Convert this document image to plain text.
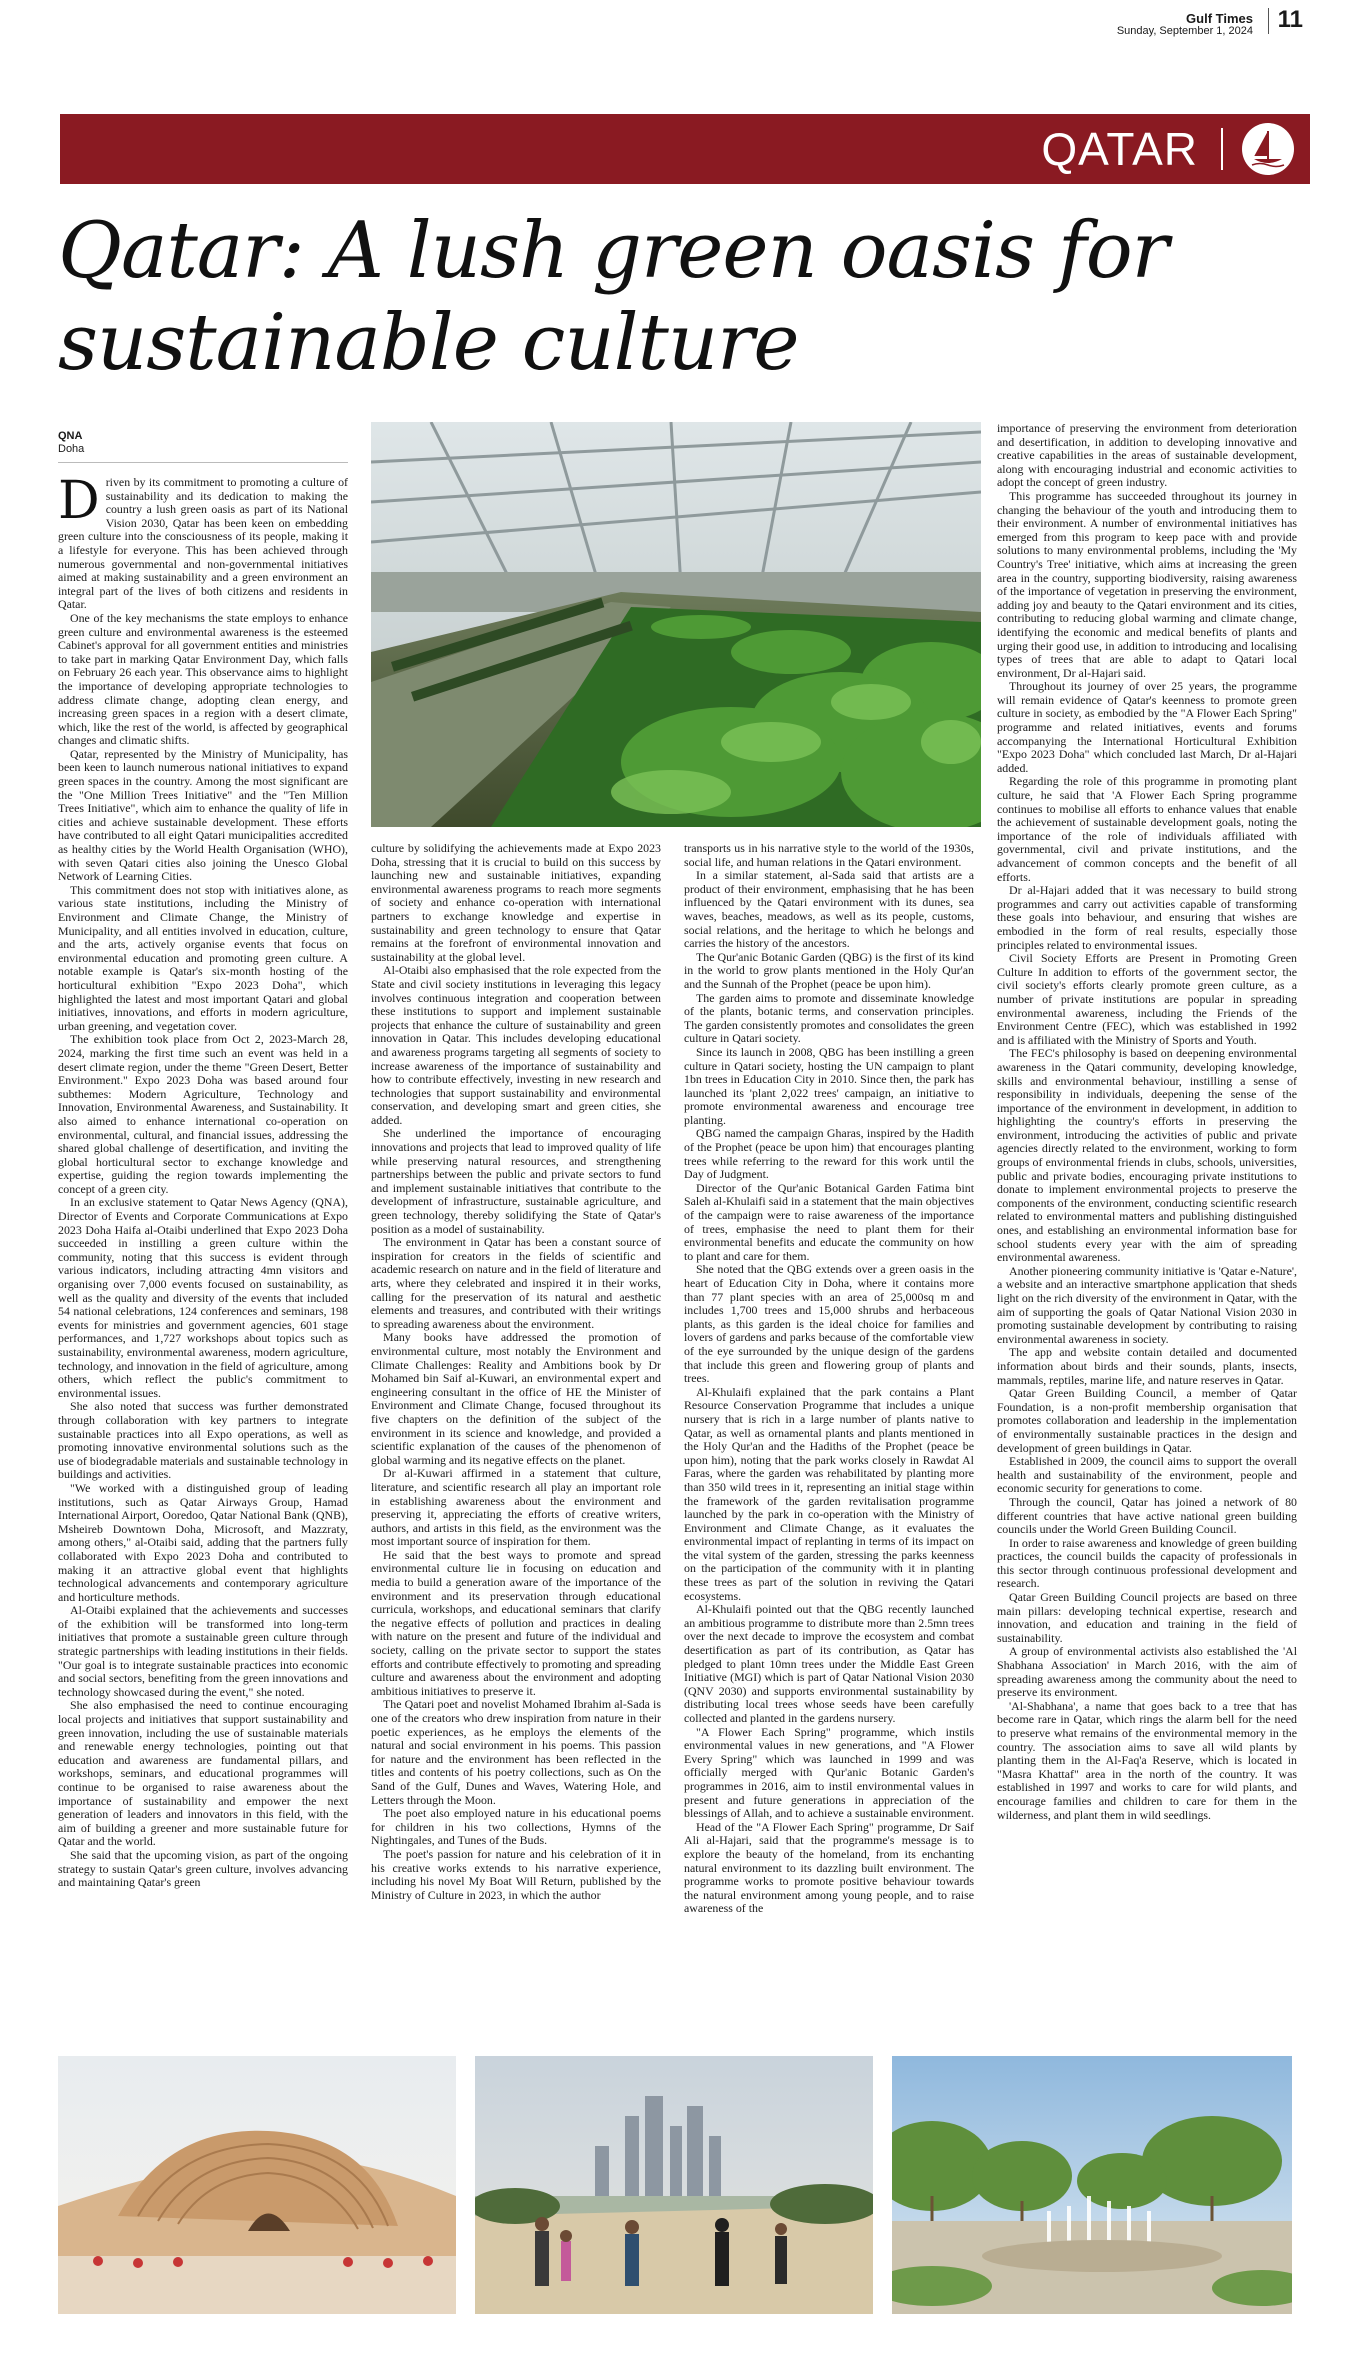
Gulf Times
Sunday, September 1, 2024 11
QATAR
Qatar: A lush green oasis for sustainable culture
QNA
Doha

Driven by its commitment to promoting a culture of sustainability and its dedication to making the country a lush green oasis as part of its National Vision 2030, Qatar has been keen on embedding green culture into the consciousness of its people, making it a lifestyle for everyone. This has been achieved through numerous governmental and non-governmental initiatives aimed at making sustainability and a green environment an integral part of the lives of both citizens and residents in Qatar.

One of the key mechanisms the state employs to enhance green culture and environmental awareness is the esteemed Cabinet's approval for all government entities and ministries to take part in marking Qatar Environment Day, which falls on February 26 each year. This observance aims to highlight the importance of developing appropriate technologies to address climate change, adopting clean energy, and increasing green spaces in a region with a desert climate, which, like the rest of the world, is affected by geographical changes and climatic shifts.

Qatar, represented by the Ministry of Municipality, has been keen to launch numerous national initiatives to expand green spaces in the country. Among the most significant are the "One Million Trees Initiative" and the "Ten Million Trees Initiative", which aim to enhance the quality of life in cities and achieve sustainable development. These efforts have contributed to all eight Qatari municipalities accredited as healthy cities by the World Health Organisation (WHO), with seven Qatari cities also joining the Unesco Global Network of Learning Cities.

This commitment does not stop with initiatives alone, as various state institutions, including the Ministry of Environment and Climate Change, the Ministry of Municipality, and all entities involved in education, culture, and the arts, actively organise events that focus on environmental education and promoting green culture. A notable example is Qatar's six-month hosting of the horticultural exhibition "Expo 2023 Doha", which highlighted the latest and most important Qatari and global initiatives, innovations, and efforts in modern agriculture, urban greening, and vegetation cover.

The exhibition took place from Oct 2, 2023-March 28, 2024, marking the first time such an event was held in a desert climate region, under the theme "Green Desert, Better Environment." Expo 2023 Doha was based around four subthemes: Modern Agriculture, Technology and Innovation, Environmental Awareness, and Sustainability. It also aimed to enhance international co-operation on environmental, cultural, and financial issues, addressing the shared global challenge of desertification, and inviting the global horticultural sector to exchange knowledge and expertise, guiding the region towards implementing the concept of a green city.

In an exclusive statement to Qatar News Agency (QNA), Director of Events and Corporate Communications at Expo 2023 Doha Haifa al-Otaibi underlined that Expo 2023 Doha succeeded in instilling a green culture within the community, noting that this success is evident through various indicators, including attracting 4mn visitors and organising over 7,000 events focused on sustainability, as well as the quality and diversity of the events that included 54 national celebrations, 124 conferences and seminars, 198 events for ministries and government agencies, 601 stage performances, and 1,727 workshops about topics such as sustainability, environmental awareness, modern agriculture, technology, and innovation in the field of agriculture, among others, which reflect the public's commitment to environmental issues.

She also noted that success was further demonstrated through collaboration with key partners to integrate sustainable practices into all Expo operations, as well as promoting innovative environmental solutions such as the use of biodegradable materials and sustainable technology in buildings and activities.

"We worked with a distinguished group of leading institutions, such as Qatar Airways Group, Hamad International Airport, Ooredoo, Qatar National Bank (QNB), Msheireb Downtown Doha, Microsoft, and Mazzraty, among others," al-Otaibi said, adding that the partners fully collaborated with Expo 2023 Doha and contributed to making it an attractive global event that highlights technological advancements and contemporary agriculture and horticulture methods.

Al-Otaibi explained that the achievements and successes of the exhibition will be transformed into long-term initiatives that promote a sustainable green culture through strategic partnerships with leading institutions in their fields. "Our goal is to integrate sustainable practices into economic and social sectors, benefiting from the green innovations and technology showcased during the event," she noted.

She also emphasised the need to continue encouraging local projects and initiatives that support sustainability and green innovation, including the use of sustainable materials and renewable energy technologies, pointing out that education and awareness are fundamental pillars, and workshops, seminars, and educational programmes will continue to be organised to raise awareness about the importance of sustainability and empower the next generation of leaders and innovators in this field, with the aim of building a greener and more sustainable future for Qatar and the world.

She said that the upcoming vision, as part of the ongoing strategy to sustain Qatar's green culture, involves advancing and maintaining Qatar's green

culture by solidifying the achievements made at Expo 2023 Doha, stressing that it is crucial to build on this success by launching new and sustainable initiatives, expanding environmental awareness programs to reach more segments of society and enhance co-operation with international partners to exchange knowledge and expertise in sustainability and green technology to ensure that Qatar remains at the forefront of environmental innovation and sustainability at the global level.

Al-Otaibi also emphasised that the role expected from the State and civil society institutions in leveraging this legacy involves continuous integration and cooperation between these institutions to support and implement sustainable projects that enhance the culture of sustainability and green innovation in Qatar. This includes developing educational and awareness programs targeting all segments of society to increase awareness of the importance of sustainability and how to contribute effectively, investing in new research and technologies that support sustainability and environmental conservation, and developing smart and green cities, she added.

She underlined the importance of encouraging innovations and projects that lead to improved quality of life while preserving natural resources, and strengthening partnerships between the public and private sectors to fund and implement sustainable initiatives that contribute to the development of infrastructure, sustainable agriculture, and green technology, thereby solidifying the State of Qatar's position as a model of sustainability.

The environment in Qatar has been a constant source of inspiration for creators in the fields of scientific and academic research on nature and in the field of literature and arts, where they celebrated and inspired it in their works, calling for the preservation of its natural and aesthetic elements and treasures, and contributed with their writings to spreading awareness about the environment.

Many books have addressed the promotion of environmental culture, most notably the Environment and Climate Challenges: Reality and Ambitions book by Dr Mohamed bin Saif al-Kuwari, an environmental expert and engineering consultant in the office of HE the Minister of Environment and Climate Change, focused throughout its five chapters on the definition of the subject of the environment in its science and knowledge, and provided a scientific explanation of the causes of the phenomenon of global warming and its negative effects on the planet.

Dr al-Kuwari affirmed in a statement that culture, literature, and scientific research all play an important role in establishing awareness about the environment and preserving it, appreciating the efforts of creative writers, authors, and artists in this field, as the environment was the most important source of inspiration for them.

He said that the best ways to promote and spread environmental culture lie in focusing on education and media to build a generation aware of the importance of the environment and its preservation through educational curricula, workshops, and educational seminars that clarify the negative effects of pollution and practices in dealing with nature on the present and future of the individual and society, calling on the private sector to support the states efforts and contribute effectively to promoting and spreading culture and awareness about the environment and adopting ambitious initiatives to preserve it.

The Qatari poet and novelist Mohamed Ibrahim al-Sada is one of the creators who drew inspiration from nature in their poetic experiences, as he employs the elements of the natural and social environment in his poems. This passion for nature and the environment has been reflected in the titles and contents of his poetry collections, such as On the Sand of the Gulf, Dunes and Waves, Watering Hole, and Letters through the Moon.

The poet also employed nature in his educational poems for children in his two collections, Hymns of the Nightingales, and Tunes of the Buds.

The poet's passion for nature and his celebration of it in his creative works extends to his narrative experience, including his novel My Boat Will Return, published by the Ministry of Culture in 2023, in which the author

transports us in his narrative style to the world of the 1930s, social life, and human relations in the Qatari environment.

In a similar statement, al-Sada said that artists are a product of their environment, emphasising that he has been influenced by the Qatari environment with its dunes, sea waves, beaches, meadows, as well as its people, customs, social relations, and the heritage to which he belongs and carries the history of the ancestors.

The Qur'anic Botanic Garden (QBG) is the first of its kind in the world to grow plants mentioned in the Holy Qur'an and the Sunnah of the Prophet (peace be upon him).

The garden aims to promote and disseminate knowledge of the plants, botanic terms, and conservation principles. The garden consistently promotes and consolidates the green culture in Qatari society.

Since its launch in 2008, QBG has been instilling a green culture in Qatari society, hosting the UN campaign to plant 1bn trees in Education City in 2010. Since then, the park has launched its 'plant 2,022 trees' campaign, an initiative to promote environmental awareness and encourage tree planting.

QBG named the campaign Gharas, inspired by the Hadith of the Prophet (peace be upon him) that encourages planting trees while referring to the reward for this work until the Day of Judgment.

Director of the Qur'anic Botanical Garden Fatima bint Saleh al-Khulaifi said in a statement that the main objectives of the campaign were to raise awareness of the importance of trees, emphasise the need to plant them for their environmental benefits and educate the community on how to plant and care for them.

She noted that the QBG extends over a green oasis in the heart of Education City in Doha, where it contains more than 77 plant species with an area of 25,000sq m and includes 1,700 trees and 15,000 shrubs and herbaceous plants, as this garden is the ideal choice for families and lovers of gardens and parks because of the comfortable view of the eye surrounded by the unique design of the gardens that include this green and flowering group of plants and trees.

Al-Khulaifi explained that the park contains a Plant Resource Conservation Programme that includes a unique nursery that is rich in a large number of plants native to Qatar, as well as ornamental plants and plants mentioned in the Holy Qur'an and the Hadiths of the Prophet (peace be upon him), noting that the park works closely in Rawdat Al Faras, where the garden was rehabilitated by planting more than 350 wild trees in it, representing an initial stage within the framework of the garden revitalisation programme launched by the park in co-operation with the Ministry of Environment and Climate Change, as it evaluates the environmental impact of replanting in terms of its impact on the vital system of the garden, stressing the parks keenness on the participation of the community with it in planting these trees as part of the solution in reviving the Qatari ecosystems.

Al-Khulaifi pointed out that the QBG recently launched an ambitious programme to distribute more than 2.5mn trees over the next decade to improve the ecosystem and combat desertification as part of its contribution, as Qatar has pledged to plant 10mn trees under the Middle East Green Initiative (MGI) which is part of Qatar National Vision 2030 (QNV 2030) and supports environmental sustainability by distributing local trees whose seeds have been carefully collected and planted in the gardens nursery.

"A Flower Each Spring" programme, which instils environmental values in new generations, and "A Flower Every Spring" which was launched in 1999 and was officially merged with Qur'anic Botanic Garden's programmes in 2016, aim to instil environmental values in present and future generations in appreciation of the blessings of Allah, and to achieve a sustainable environment.

Head of the "A Flower Each Spring" programme, Dr Saif Ali al-Hajari, said that the programme's message is to explore the beauty of the homeland, from its enchanting natural environment to its dazzling built environment. The programme works to promote positive behaviour towards the natural environment among young people, and to raise awareness of the

importance of preserving the environment from deterioration and desertification, in addition to developing innovative and creative capabilities in the areas of sustainable development, along with encouraging industrial and economic activities to adopt the concept of green industry.

This programme has succeeded throughout its journey in changing the behaviour of the youth and introducing them to their environment. A number of environmental initiatives has emerged from this program to keep pace with and provide solutions to many environmental problems, including the 'My Country's Tree' initiative, which aims at increasing the green area in the country, supporting biodiversity, raising awareness of the importance of vegetation in preserving the environment, adding joy and beauty to the Qatari environment and its cities, contributing to reducing global warming and climate change, identifying the economic and medical benefits of plants and urging their good use, in addition to introducing and localising types of trees that are able to adapt to Qatari local environment, Dr al-Hajari said.

Throughout its journey of over 25 years, the programme will remain evidence of Qatar's keenness to promote green culture in society, as embodied by the "A Flower Each Spring" programme and related initiatives, events and forums accompanying the International Horticultural Exhibition "Expo 2023 Doha" which concluded last March, Dr al-Hajari added.

Regarding the role of this programme in promoting plant culture, he said that 'A Flower Each Spring programme continues to mobilise all efforts to enhance values that enable the achievement of sustainable development goals, noting the importance of the role of individuals affiliated with governmental, civil and private institutions, and the advancement of common concepts and the benefit of all efforts.

Dr al-Hajari added that it was necessary to build strong programmes and carry out activities capable of transforming these goals into behaviour, and ensuring that wishes are embodied in the form of real results, especially those principles related to environmental issues.

Civil Society Efforts are Present in Promoting Green Culture In addition to efforts of the government sector, the civil society's efforts clearly promote green culture, as a number of private institutions are popular in spreading environmental awareness, including the Friends of the Environment Centre (FEC), which was established in 1992 and is affiliated with the Ministry of Sports and Youth.

The FEC's philosophy is based on deepening environmental awareness in the Qatari community, developing knowledge, skills and environmental behaviour, instilling a sense of responsibility in individuals, deepening the sense of the importance of the environment in development, in addition to highlighting the country's efforts in preserving the environment, introducing the activities of public and private agencies directly related to the environment, working to form groups of environmental friends in clubs, schools, universities, public and private bodies, encouraging private institutions to donate to implement environmental projects to preserve the components of the environment, conducting scientific research related to environmental matters and publishing distinguished ones, and establishing an environmental information base for school students every year with the aim of spreading environmental awareness.

Another pioneering community initiative is 'Qatar e-Nature', a website and an interactive smartphone application that sheds light on the rich diversity of the environment in Qatar, with the aim of supporting the goals of Qatar National Vision 2030 in promoting sustainable development by contributing to raising environmental awareness in society.

The app and website contain detailed and documented information about birds and their sounds, plants, insects, mammals, reptiles, marine life, and nature reserves in Qatar.

Qatar Green Building Council, a member of Qatar Foundation, is a non-profit membership organisation that promotes collaboration and leadership in the implementation of environmentally sustainable practices in the design and development of green buildings in Qatar.

Established in 2009, the council aims to support the overall health and sustainability of the environment, people and economic security for generations to come.

Through the council, Qatar has joined a network of 80 different countries that have active national green building councils under the World Green Building Council.

In order to raise awareness and knowledge of green building practices, the council builds the capacity of professionals in this sector through continuous professional development and research.

Qatar Green Building Council projects are based on three main pillars: developing technical expertise, research and innovation, and education and training in the field of sustainability.

A group of environmental activists also established the 'Al Shabhana Association' in March 2016, with the aim of spreading awareness among the community about the need to preserve its environment.

'Al-Shabhana', a name that goes back to a tree that has become rare in Qatar, which rings the alarm bell for the need to preserve what remains of the environmental memory in the country. The association aims to save all wild plants by planting them in the Al-Faq'a Reserve, which is located in "Masra Khattaf" area in the north of the country. It was established in 1997 and works to care for wild plants, and encourage families and children to care for them in the wilderness, and plant them in wild seedlings.
